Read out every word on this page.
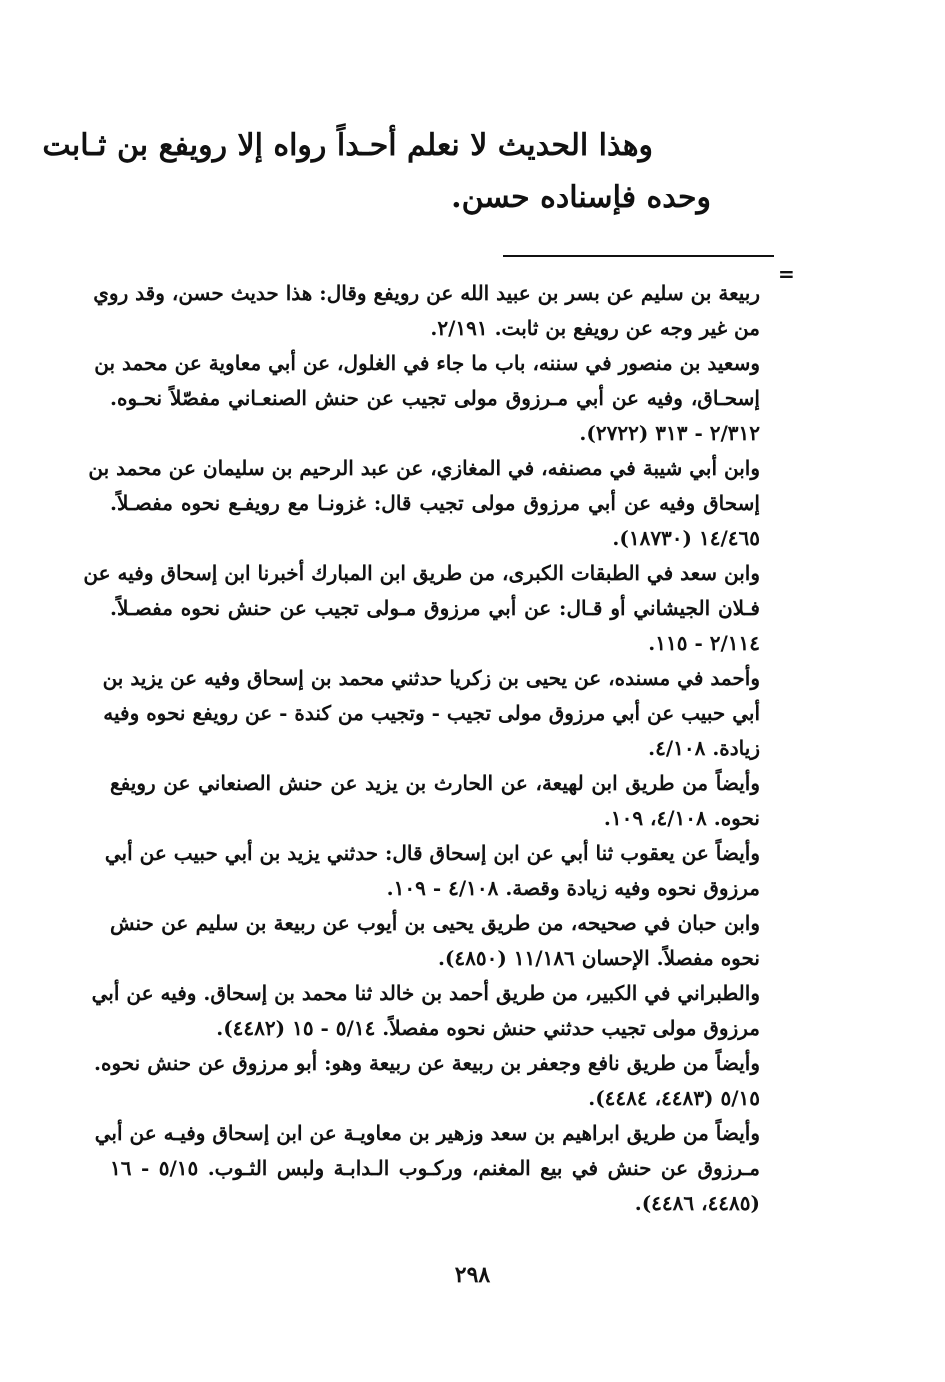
وهذا الحديث لا نعلم أحـداً رواه إلا رويفع بن ثـابت
وحده فإسناده حسن.
=
ربيعة بن سليم عن بسر بن عبيد الله عن رويفع وقال: هذا حديث حسن، وقد روي
من غير وجه عن رويفع بن ثابت. ٢/١٩١.
وسعيد بن منصور في سننه، باب ما جاء في الغلول، عن أبي معاوية عن محمد بن
إسحـاق، وفيه عن أبي مـرزوق مولى تجيب عن حنش الصنعـاني مفصّلاً نحـوه.
٢/٣١٢ - ٣١٣ (٢٧٢٢).
وابن أبي شيبة في مصنفه، في المغازي، عن عبد الرحيم بن سليمان عن محمد بن
إسحاق وفيه عن أبي مرزوق مولى تجيب قال: غزونـا مع رويفـع نحوه مفصـلاً.
١٤/٤٦٥ (١٨٧٣٠).
وابن سعد في الطبقات الكبرى، من طريق ابن المبارك أخبرنا ابن إسحاق وفيه عن
فـلان الجيشاني أو قـال: عن أبي مرزوق مـولى تجيب عن حنش نحوه مفصـلاً.
٢/١١٤ - ١١٥.
وأحمد في مسنده، عن يحيى بن زكريا حدثني محمد بن إسحاق وفيه عن يزيد بن
أبي حبيب عن أبي مرزوق مولى تجيب - وتجيب من كندة - عن رويفع نحوه وفيه
زيادة. ٤/١٠٨.
وأيضاً من طريق ابن لهيعة، عن الحارث بن يزيد عن حنش الصنعاني عن رويفع
نحوه. ٤/١٠٨، ١٠٩.
وأيضاً عن يعقوب ثنا أبي عن ابن إسحاق قال: حدثني يزيد بن أبي حبيب عن أبي
مرزوق نحوه وفيه زيادة وقصة. ٤/١٠٨ - ١٠٩.
وابن حبان في صحيحه، من طريق يحيى بن أيوب عن ربيعة بن سليم عن حنش
نحوه مفصلاً. الإحسان ١١/١٨٦ (٤٨٥٠).
والطبراني في الكبير، من طريق أحمد بن خالد ثنا محمد بن إسحاق. وفيه عن أبي
مرزوق مولى تجيب حدثني حنش نحوه مفصلاً. ٥/١٤ - ١٥ (٤٤٨٢).
وأيضاً من طريق نافع وجعفر بن ربيعة عن ربيعة وهو: أبو مرزوق عن حنش نحوه.
٥/١٥ (٤٤٨٣، ٤٤٨٤).
وأيضاً من طريق ابراهيم بن سعد وزهير بن معاويـة عن ابن إسحاق وفيـه عن أبي
مـرزوق عن حنش في بيع المغنم، وركـوب الـدابـة ولبس الثـوب. ٥/١٥ - ١٦
(٤٤٨٥، ٤٤٨٦).
٢٩٨
